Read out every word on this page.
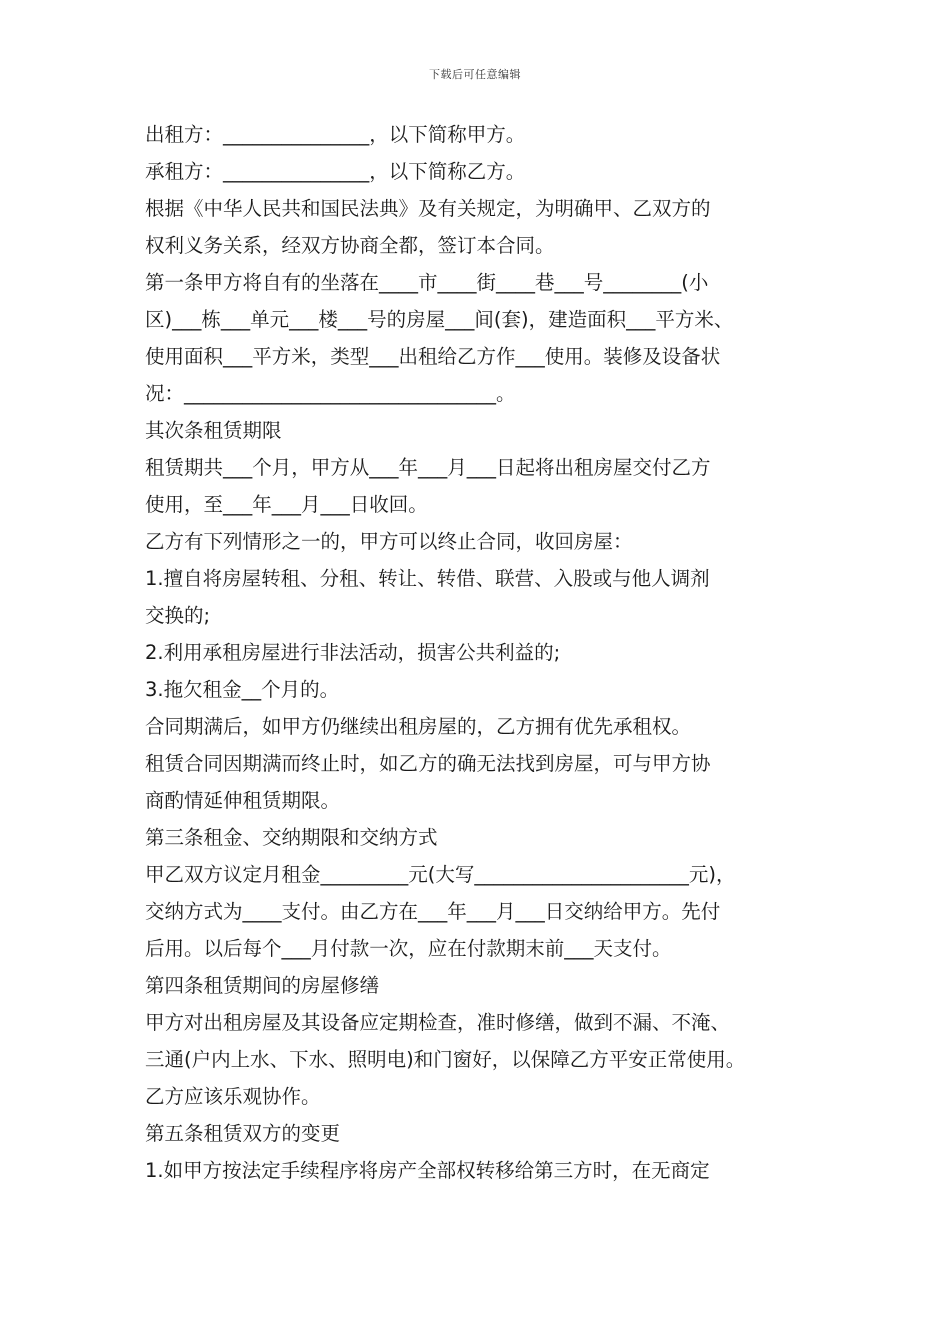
下载后可任意编辑
出租方：_______________，以下简称甲方。
承租方：_______________，以下简称乙方。
根据《中华人民共和国民法典》及有关规定，为明确甲、乙双方的
权利义务关系，经双方协商全都，签订本合同。
第一条甲方将自有的坐落在____市____街____巷___号________(小
区)___栋___单元___楼___号的房屋___间(套)，建造面积___平方米、
使用面积___平方米，类型___出租给乙方作___使用。装修及设备状
况：________________________________。
其次条租赁期限
租赁期共___个月，甲方从___年___月___日起将出租房屋交付乙方
使用，至___年___月___日收回。
乙方有下列情形之一的，甲方可以终止合同，收回房屋：
1.擅自将房屋转租、分租、转让、转借、联营、入股或与他人调剂
交换的;
2.利用承租房屋进行非法活动，损害公共利益的;
3.拖欠租金__个月的。
合同期满后，如甲方仍继续出租房屋的，乙方拥有优先承租权。
租赁合同因期满而终止时，如乙方的确无法找到房屋，可与甲方协
商酌情延伸租赁期限。
第三条租金、交纳期限和交纳方式
甲乙双方议定月租金_________元(大写______________________元)，
交纳方式为____支付。由乙方在___年___月___日交纳给甲方。先付
后用。以后每个___月付款一次，应在付款期末前___天支付。
第四条租赁期间的房屋修缮
甲方对出租房屋及其设备应定期检查，准时修缮，做到不漏、不淹、
三通(户内上水、下水、照明电)和门窗好，以保障乙方平安正常使用。
乙方应该乐观协作。
第五条租赁双方的变更
1.如甲方按法定手续程序将房产全部权转移给第三方时，在无商定
